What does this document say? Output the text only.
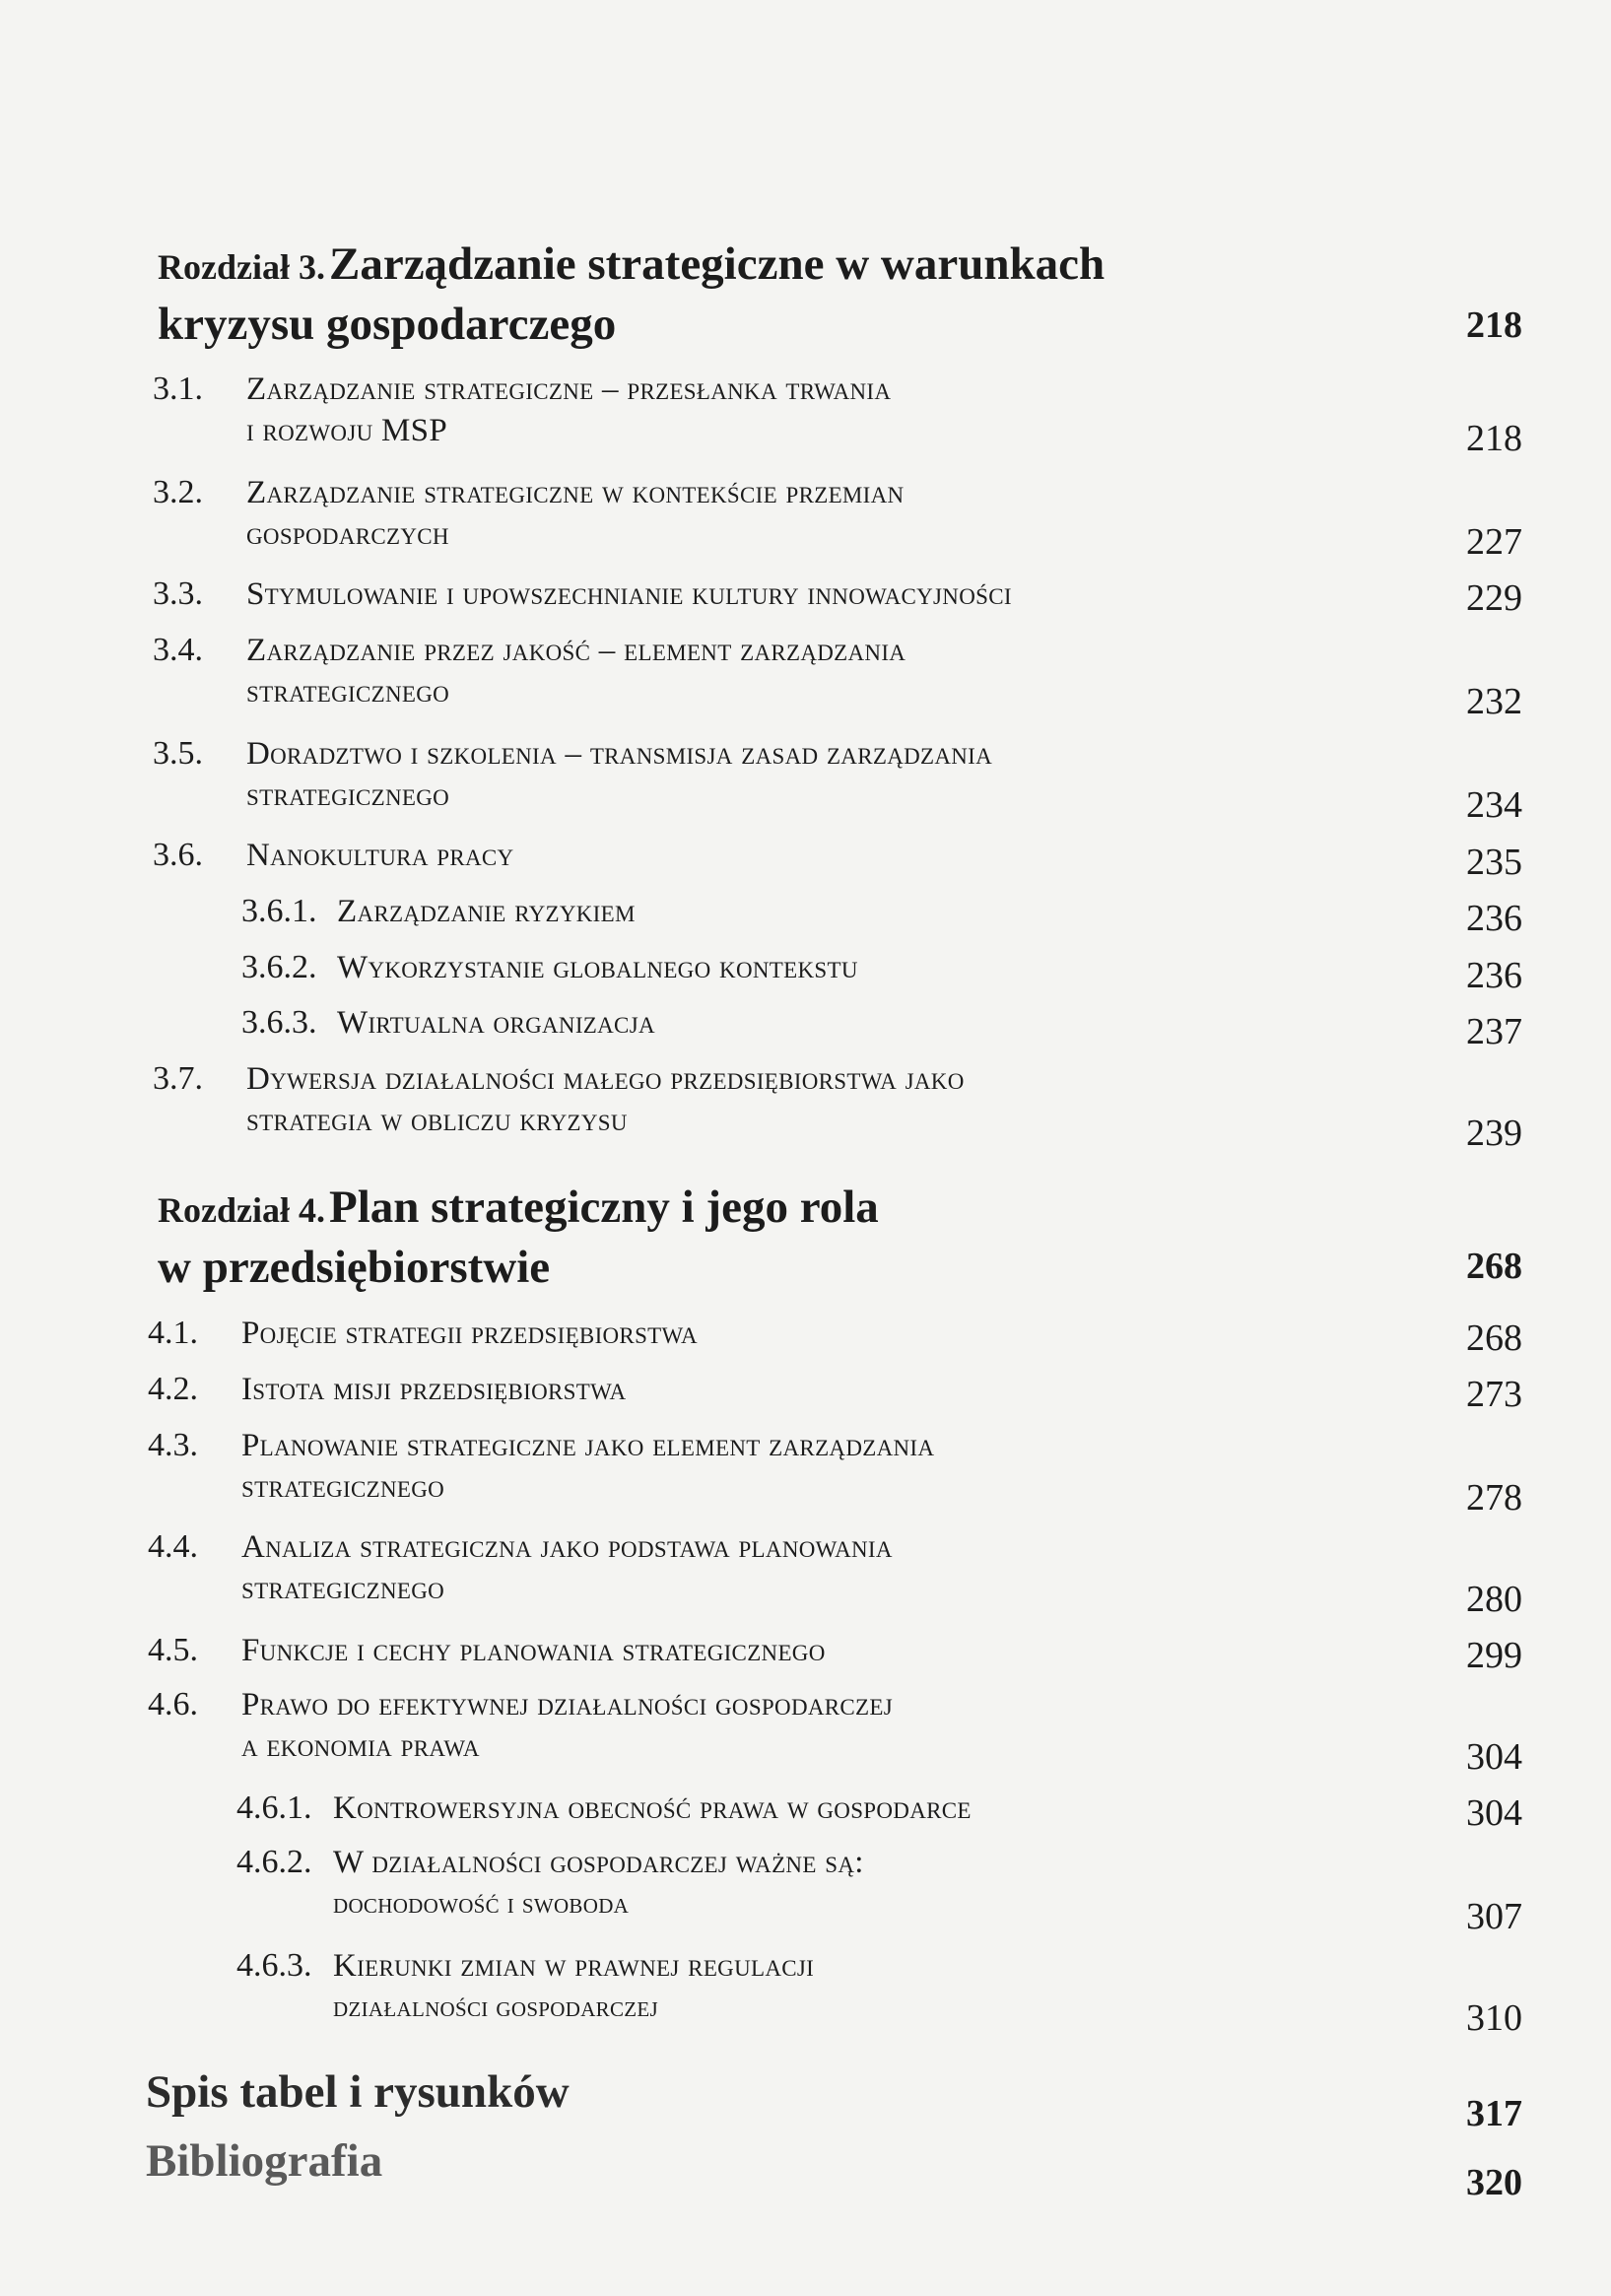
Rozdział 3. Zarządzanie strategiczne w warunkach
kryzysu gospodarczego	218
3.1. Zarządzanie strategiczne – przesłanka trwania
i rozwoju MSP	218
3.2. Zarządzanie strategiczne w kontekście przemian
gospodarczych	227
3.3. Stymulowanie i upowszechnianie kultury innowacyjności	229
3.4. Zarządzanie przez jakość – element zarządzania
strategicznego	232
3.5. Doradztwo i szkolenia – transmisja zasad zarządzania
strategicznego	234
3.6. Nanokultura pracy	235
3.6.1. Zarządzanie ryzykiem	236
3.6.2. Wykorzystanie globalnego kontekstu	236
3.6.3. Wirtualna organizacja	237
3.7. Dywersja działalności małego przedsiębiorstwa jako
strategia w obliczu kryzysu	239
Rozdział 4. Plan strategiczny i jego rola
w przedsiębiorstwie	268
4.1. Pojęcie strategii przedsiębiorstwa	268
4.2. Istota misji przedsiębiorstwa	273
4.3. Planowanie strategiczne jako element zarządzania
strategicznego	278
4.4. Analiza strategiczna jako podstawa planowania
strategicznego	280
4.5. Funkcje i cechy planowania strategicznego	299
4.6. Prawo do efektywnej działalności gospodarczej
a ekonomia prawa	304
4.6.1. Kontrowersyjna obecność prawa w gospodarce	304
4.6.2. W działalności gospodarczej ważne są:
dochodowość i swoboda	307
4.6.3. Kierunki zmian w prawnej regulacji
działalności gospodarczej	310
Spis tabel i rysunków	317
Bibliografia	320
